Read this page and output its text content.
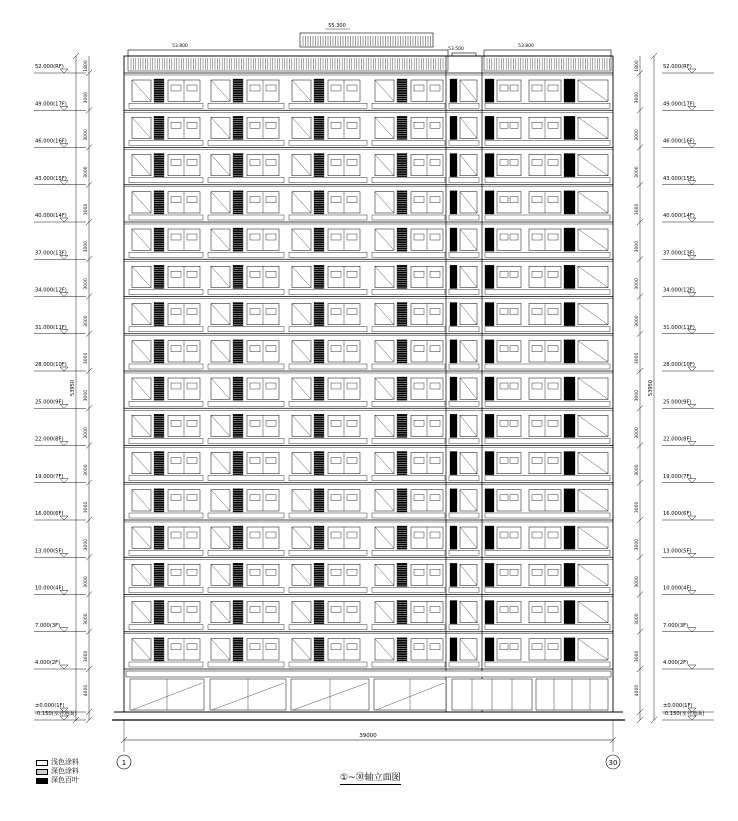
55.300
53.800
53.500
53.800
52.000(RF)	52.000(RF)
49.000(17F)	49.000(17F)
46.000(16F)	46.000(16F)
43.000(15F)	43.000(15F)
40.000(14F)	40.000(14F)
37.000(13F)	37.000(13F)
34.000(12F)	34.000(12F)
31.000(11F)	31.000(11F)
28.000(10F)	28.000(10F)
25.000(9F)	25.000(9F)
22.000(8F)	22.000(8F)
19.000(7F)	19.000(7F)
16.000(6F)	16.000(6F)
13.000(5F)	13.000(5F)
10.000(4F)	10.000(4F)
7.000(3F)	7.000(3F)
4.000(2F)	4.000(2F)
±0.000(1F)	±0.000(1F)
-0.150(室外地面)	-0.150(室外地面)
53950	53950
1800	1800
3000	3000
3000	3000
3000	3000
3000	3000
3000	3000
3000	3000
3000	3000
3000	3000
3000	3000
3000	3000
3000	3000
3000	3000
3000	3000
3000	3000
3000	3000
3000	3000
4000	4000
39000
1	30
浅色涂料
深色涂料
深色百叶	①~㉚轴立面图
